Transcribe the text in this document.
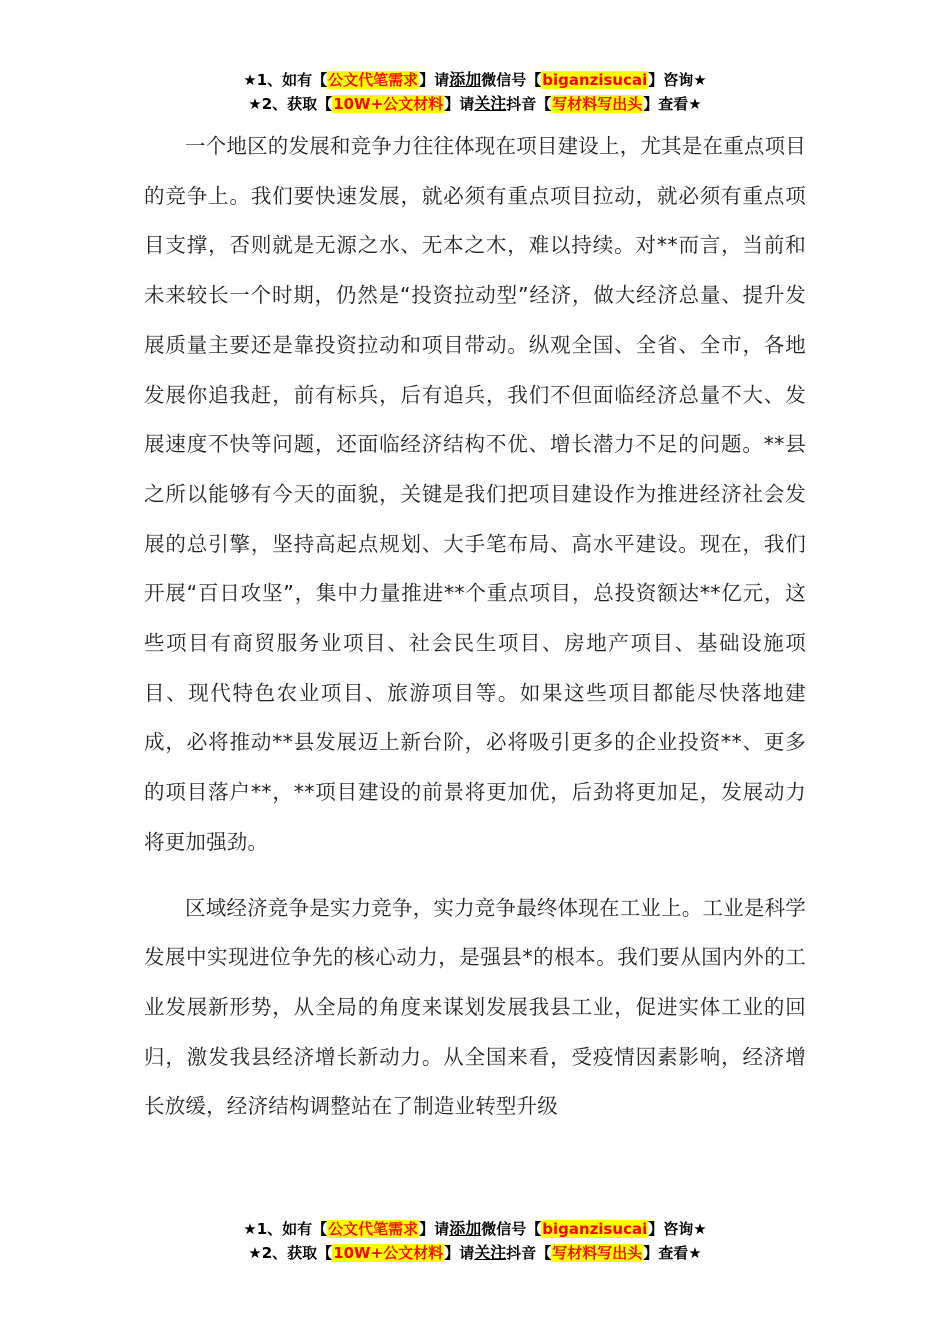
★1、如有【公文代笔需求】请添加微信号【biganzisucai】咨询★
★2、获取【10W+公文材料】请关注抖音【写材料写出头】查看★

一个地区的发展和竞争力往往体现在项目建设上，尤其是在重点项目的竞争上。我们要快速发展，就必须有重点项目拉动，就必须有重点项目支撑，否则就是无源之水、无本之木，难以持续。对**而言，当前和未来较长一个时期，仍然是“投资拉动型”经济，做大经济总量、提升发展质量主要还是靠投资拉动和项目带动。纵观全国、全省、全市，各地发展你追我赶，前有标兵，后有追兵，我们不但面临经济总量不大、发展速度不快等问题，还面临经济结构不优、增长潜力不足的问题。**县之所以能够有今天的面貌，关键是我们把项目建设作为推进经济社会发展的总引擎，坚持高起点规划、大手笔布局、高水平建设。现在，我们开展“百日攻坚”，集中力量推进**个重点项目，总投资额达**亿元，这些项目有商贸服务业项目、社会民生项目、房地产项目、基础设施项目、现代特色农业项目、旅游项目等。如果这些项目都能尽快落地建成，必将推动**县发展迈上新台阶，必将吸引更多的企业投资**、更多的项目落户**，**项目建设的前景将更加优，后劲将更加足，发展动力将更加强劲。

区域经济竞争是实力竞争，实力竞争最终体现在工业上。工业是科学发展中实现进位争先的核心动力，是强县*的根本。我们要从国内外的工业发展新形势，从全局的角度来谋划发展我县工业，促进实体工业的回归，激发我县经济增长新动力。从全国来看，受疫情因素影响，经济增长放缓，经济结构调整站在了制造业转型升级

★1、如有【公文代笔需求】请添加微信号【biganzisucai】咨询★
★2、获取【10W+公文材料】请关注抖音【写材料写出头】查看★
